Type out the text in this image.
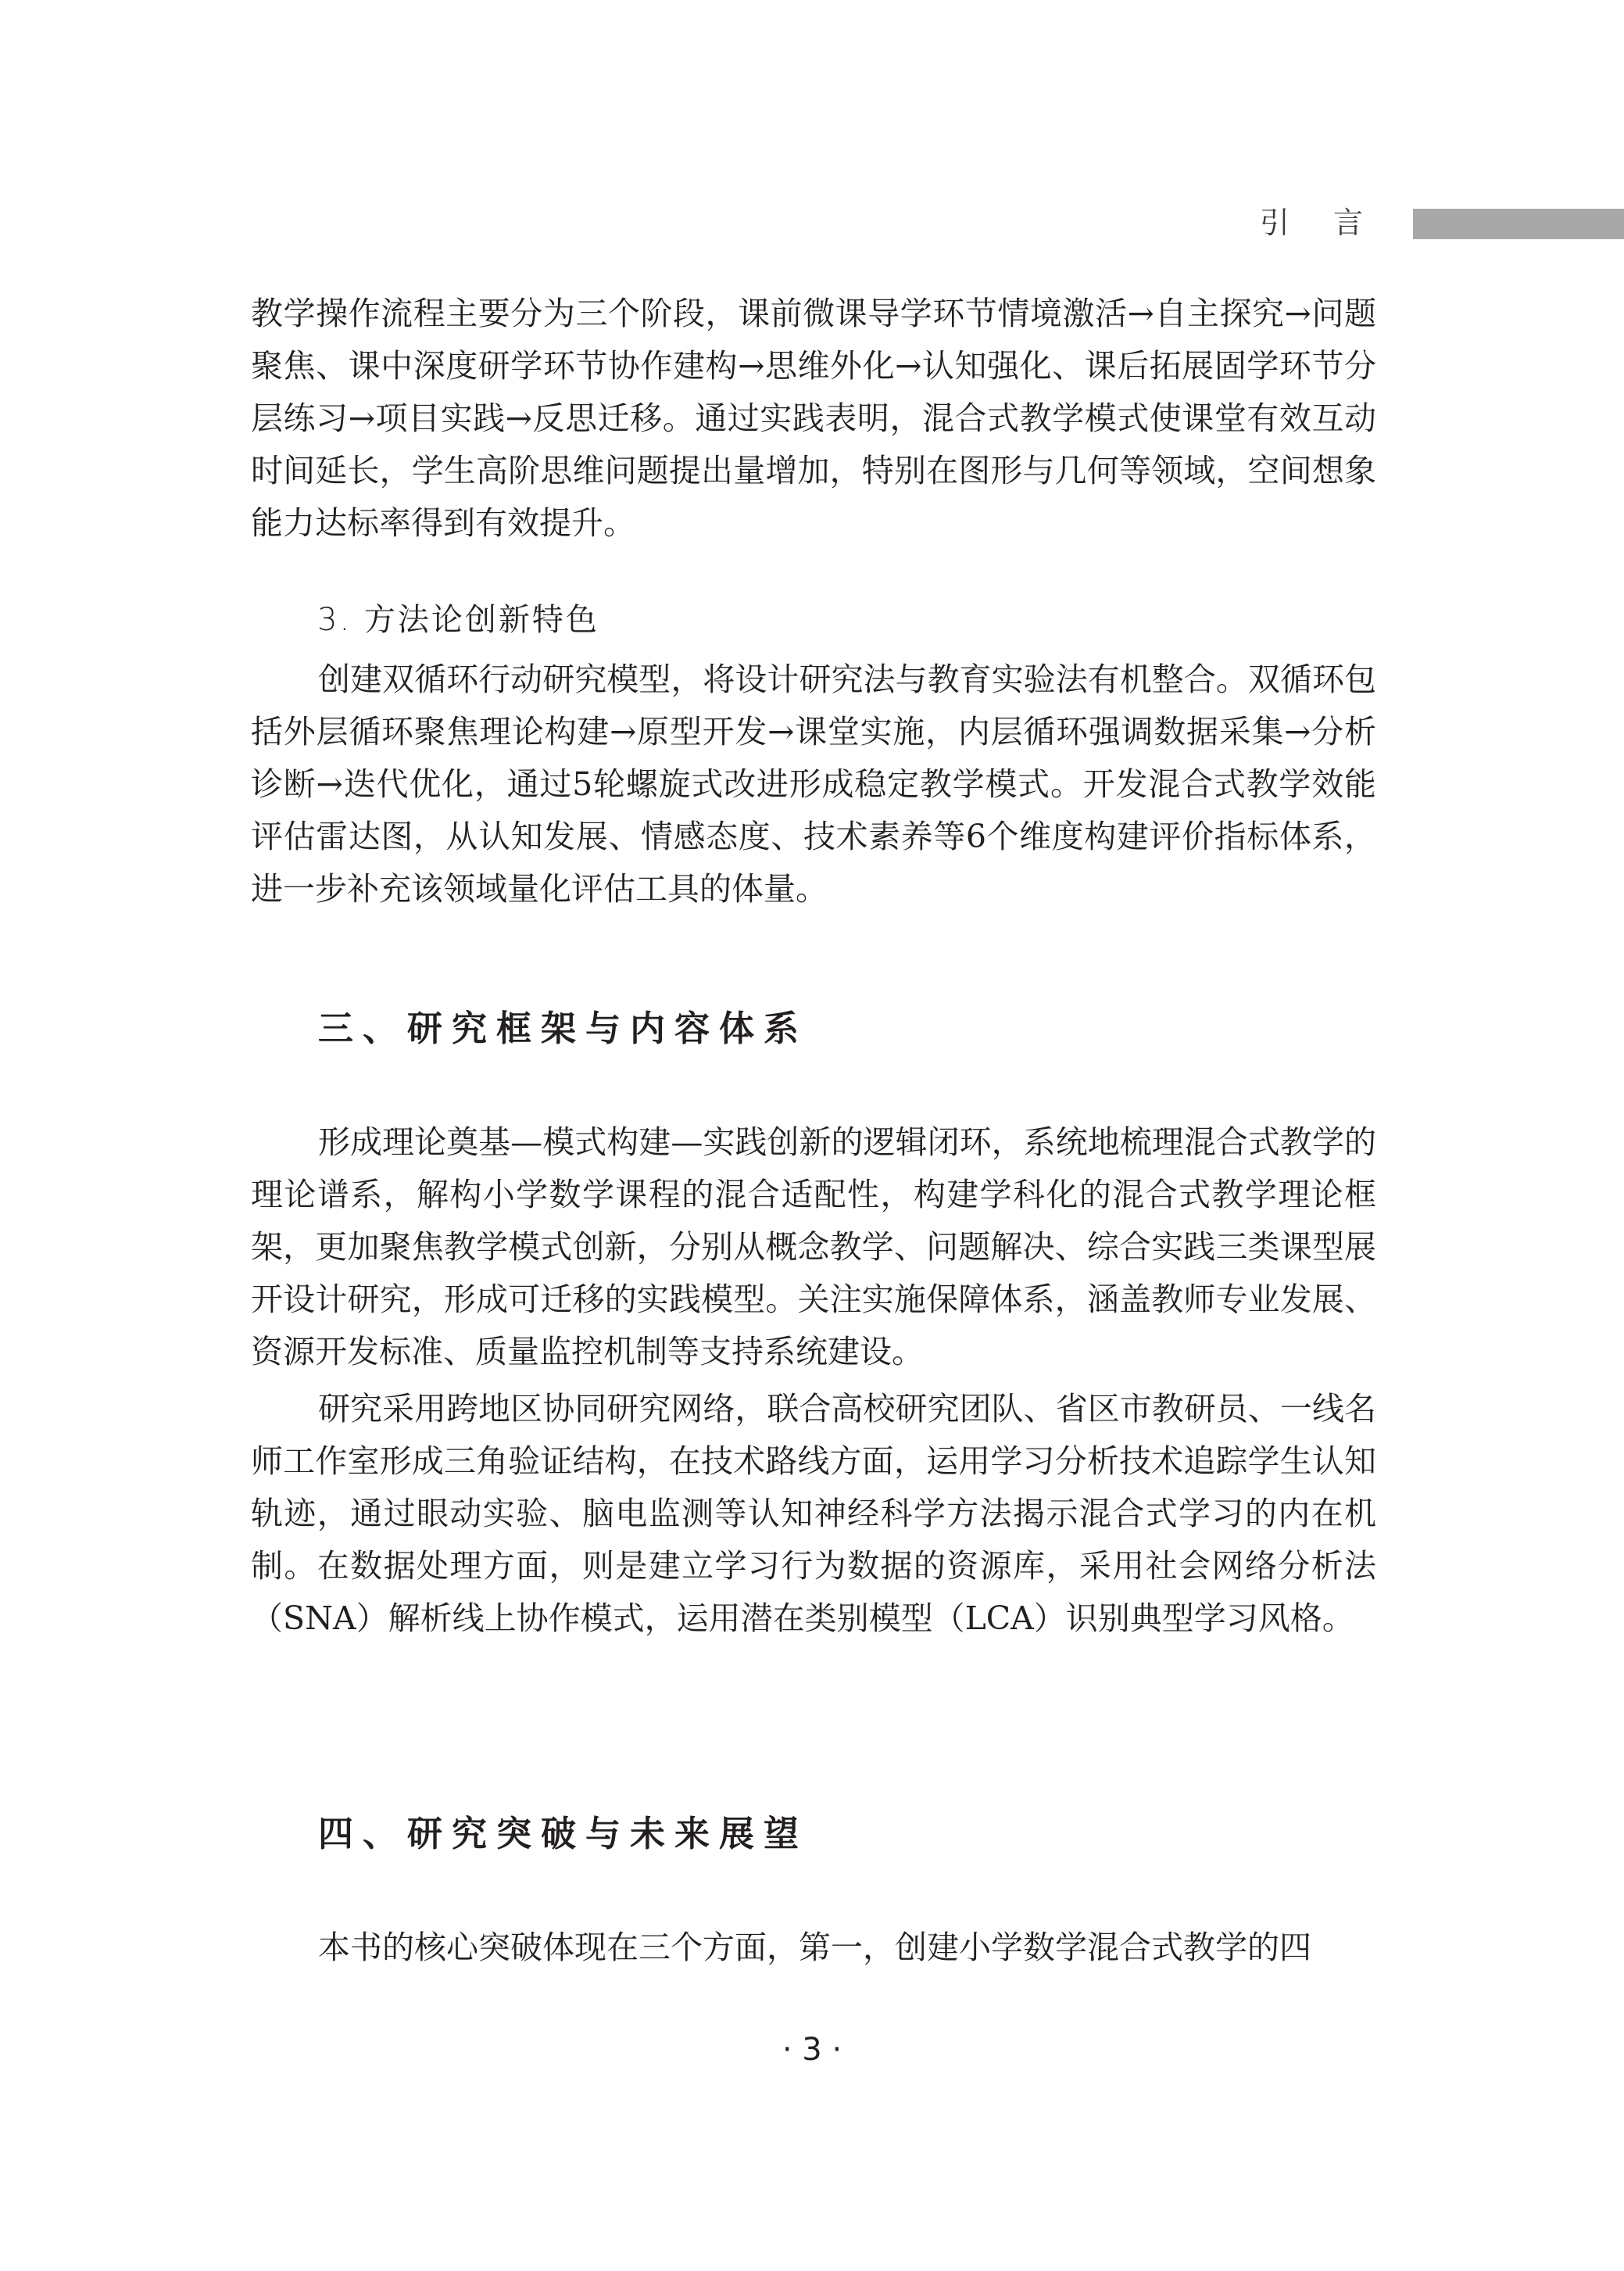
引言

教学操作流程主要分为三个阶段，课前微课导学环节情境激活→自主探究→问题聚焦、课中深度研学环节协作建构→思维外化→认知强化、课后拓展固学环节分层练习→项目实践→反思迁移。通过实践表明，混合式教学模式使课堂有效互动时间延长，学生高阶思维问题提出量增加，特别在图形与几何等领域，空间想象能力达标率得到有效提升。

3. 方法论创新特色

创建双循环行动研究模型，将设计研究法与教育实验法有机整合。双循环包括外层循环聚焦理论构建→原型开发→课堂实施，内层循环强调数据采集→分析诊断→迭代优化，通过5轮螺旋式改进形成稳定教学模式。开发混合式教学效能评估雷达图，从认知发展、情感态度、技术素养等6个维度构建评价指标体系，进一步补充该领域量化评估工具的体量。

三、研究框架与内容体系

形成理论奠基—模式构建—实践创新的逻辑闭环，系统地梳理混合式教学的理论谱系，解构小学数学课程的混合适配性，构建学科化的混合式教学理论框架，更加聚焦教学模式创新，分别从概念教学、问题解决、综合实践三类课型展开设计研究，形成可迁移的实践模型。关注实施保障体系，涵盖教师专业发展、资源开发标准、质量监控机制等支持系统建设。

研究采用跨地区协同研究网络，联合高校研究团队、省区市教研员、一线名师工作室形成三角验证结构，在技术路线方面，运用学习分析技术追踪学生认知轨迹，通过眼动实验、脑电监测等认知神经科学方法揭示混合式学习的内在机制。在数据处理方面，则是建立学习行为数据的资源库，采用社会网络分析法（SNA）解析线上协作模式，运用潜在类别模型（LCA）识别典型学习风格。

四、研究突破与未来展望

本书的核心突破体现在三个方面，第一，创建小学数学混合式教学的四

· 3 ·
